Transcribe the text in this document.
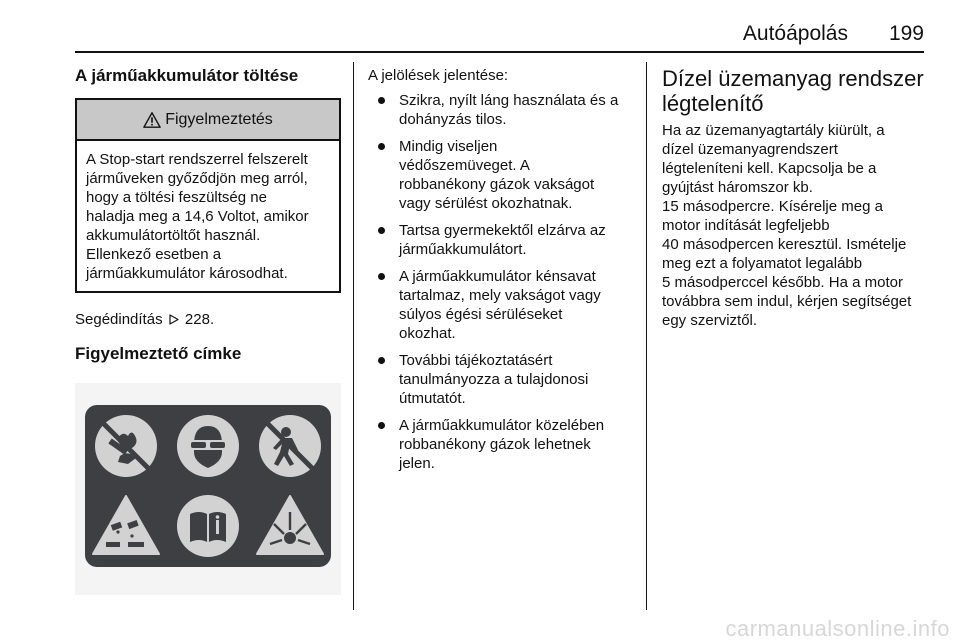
Autóápolás 199
A járműakkumulátor töltése
Figyelmeztetés
A Stop-start rendszerrel felszerelt
járműveken győződjön meg arról,
hogy a töltési feszültség ne
haladja meg a 14,6 Voltot, amikor
akkumulátortöltőt használ.
Ellenkező esetben a
járműakkumulátor károsodhat.

Segédindítás 228.

Figyelmeztető címke

A jelölések jelentése:

Szikra, nyílt láng használata és a
dohányzás tilos.
Mindig viseljen
védőszemüveget. A
robbanékony gázok vakságot
vagy sérülést okozhatnak.
Tartsa gyermekektől elzárva az
járműakkumulátort.
A járműakkumulátor kénsavat
tartalmaz, mely vakságot vagy
súlyos égési sérüléseket
okozhat.
További tájékoztatásért
tanulmányozza a tulajdonosi
útmutatót.
A járműakkumulátor közelében
robbanékony gázok lehetnek
jelen.
Dízel üzemanyag rendszer
légtelenítő
Ha az üzemanyagtartály kiürült, a
dízel üzemanyagrendszert
légteleníteni kell. Kapcsolja be a
gyújtást háromszor kb.
15 másodpercre. Kísérelje meg a
motor indítását legfeljebb
40 másodpercen keresztül. Ismételje
meg ezt a folyamatot legalább
5 másodperccel később. Ha a motor
továbbra sem indul, kérjen segítséget
egy szerviztől.
carmanualsonline.info
